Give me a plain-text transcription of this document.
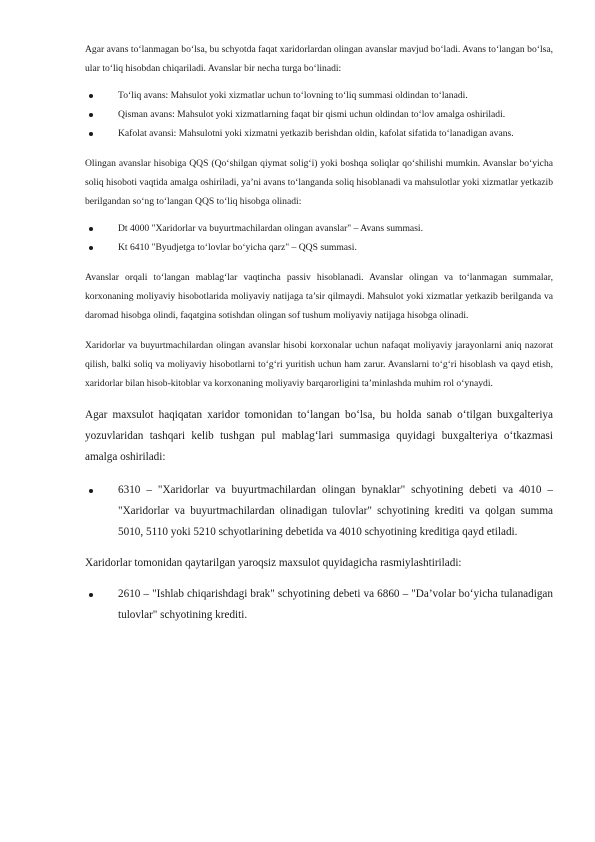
Agar avans to‘lanmagan bo‘lsa, bu schyotda faqat xaridorlardan olingan avanslar mavjud bo‘ladi. Avans to‘langan bo‘lsa, ular to‘liq hisobdan chiqariladi. Avanslar bir necha turga bo‘linadi:

To‘liq avans: Mahsulot yoki xizmatlar uchun to‘lovning to‘liq summasi oldindan to‘lanadi.
Qisman avans: Mahsulot yoki xizmatlarning faqat bir qismi uchun oldindan to‘lov amalga oshiriladi.
Kafolat avansi: Mahsulotni yoki xizmatni yetkazib berishdan oldin, kafolat sifatida to‘lanadigan avans.

Olingan avanslar hisobiga QQS (Qo‘shilgan qiymat solig‘i) yoki boshqa soliqlar qo‘shilishi mumkin. Avanslar bo‘yicha soliq hisoboti vaqtida amalga oshiriladi, ya’ni avans to‘langanda soliq hisoblanadi va mahsulotlar yoki xizmatlar yetkazib berilgandan so‘ng to‘langan QQS to‘liq hisobga olinadi:

Dt 4000 "Xaridorlar va buyurtmachilardan olingan avanslar" – Avans summasi.
Kt 6410 "Byudjetga to‘lovlar bo‘yicha qarz" – QQS summasi.

Avanslar orqali to‘langan mablag‘lar vaqtincha passiv hisoblanadi. Avanslar olingan va to‘lanmagan summalar, korxonaning moliyaviy hisobotlarida moliyaviy natijaga ta’sir qilmaydi. Mahsulot yoki xizmatlar yetkazib berilganda va daromad hisobga olindi, faqatgina sotishdan olingan sof tushum moliyaviy natijaga hisobga olinadi.

Xaridorlar va buyurtmachilardan olingan avanslar hisobi korxonalar uchun nafaqat moliyaviy jarayonlarni aniq nazorat qilish, balki soliq va moliyaviy hisobotlarni to‘g‘ri yuritish uchun ham zarur. Avanslarni to‘g‘ri hisoblash va qayd etish, xaridorlar bilan hisob-kitoblar va korxonaning moliyaviy barqarorligini ta’minlashda muhim rol o‘ynaydi.

Agar maxsulot haqiqatan xaridor tomonidan to‘langan bo‘lsa, bu holda sanab o‘tilgan buxgalteriya yozuvlaridan tashqari kelib tushgan pul mablag‘lari summasiga quyidagi buxgalteriya o‘tkazmasi amalga oshiriladi:

6310 – "Xaridorlar va buyurtmachilardan olingan bynaklar" schyotining debeti va 4010 – "Xaridorlar va buyurtmachilardan olinadigan tulovlar" schyotining krediti va qolgan summa 5010, 5110 yoki 5210 schyotlarining debetida va 4010 schyotining kreditiga qayd etiladi.

Xaridorlar tomonidan qaytarilgan yaroqsiz maxsulot quyidagicha rasmiylashtiriladi:

2610 – "Ishlab chiqarishdagi brak" schyotining debeti va 6860 – "Da’volar bo‘yicha tulanadigan tulovlar" schyotining krediti.
